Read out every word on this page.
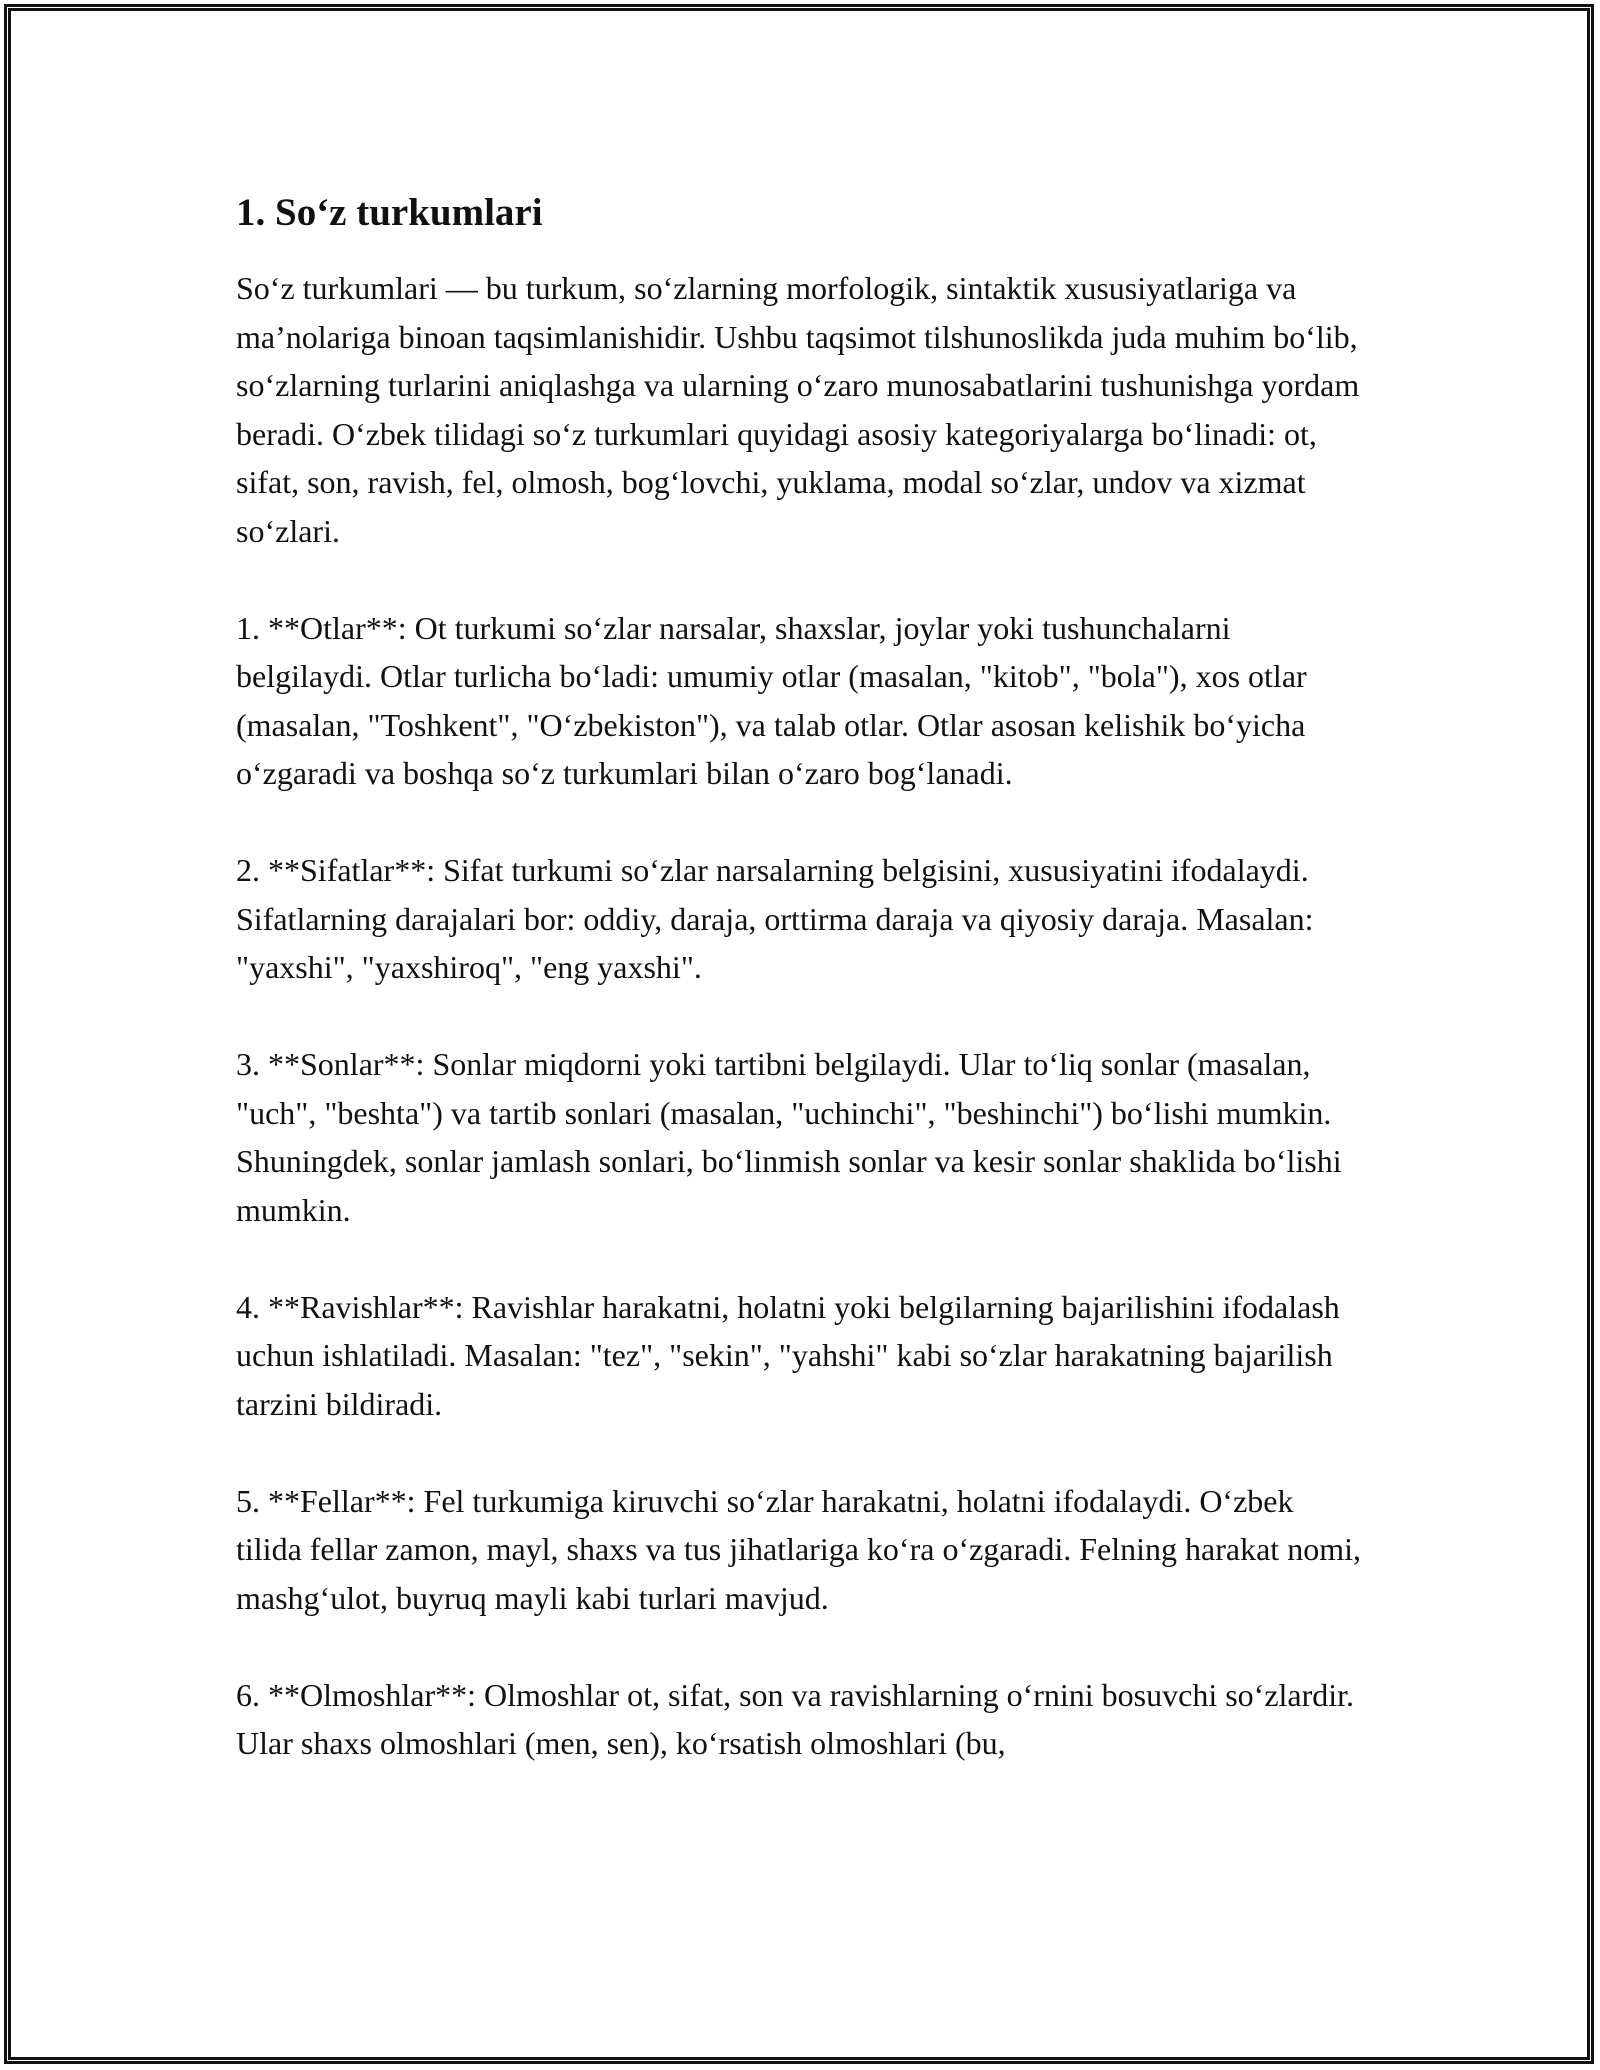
1. So‘z turkumlari

So‘z turkumlari — bu turkum, so‘zlarning morfologik, sintaktik xususiyatlariga va ma’nolariga binoan taqsimlanishidir. Ushbu taqsimot tilshunoslikda juda muhim bo‘lib, so‘zlarning turlarini aniqlashga va ularning o‘zaro munosabatlarini tushunishga yordam beradi. O‘zbek tilidagi so‘z turkumlari quyidagi asosiy kategoriyalarga bo‘linadi: ot, sifat, son, ravish, fel, olmosh, bog‘lovchi, yuklama, modal so‘zlar, undov va xizmat so‘zlari.

1. **Otlar**: Ot turkumi so‘zlar narsalar, shaxslar, joylar yoki tushunchalarni belgilaydi. Otlar turlicha bo‘ladi: umumiy otlar (masalan, "kitob", "bola"), xos otlar (masalan, "Toshkent", "O‘zbekiston"), va talab otlar. Otlar asosan kelishik bo‘yicha o‘zgaradi va boshqa so‘z turkumlari bilan o‘zaro bog‘lanadi.

2. **Sifatlar**: Sifat turkumi so‘zlar narsalarning belgisini, xususiyatini ifodalaydi. Sifatlarning darajalari bor: oddiy, daraja, orttirma daraja va qiyosiy daraja. Masalan: "yaxshi", "yaxshiroq", "eng yaxshi".

3. **Sonlar**: Sonlar miqdorni yoki tartibni belgilaydi. Ular to‘liq sonlar (masalan, "uch", "beshta") va tartib sonlari (masalan, "uchinchi", "beshinchi") bo‘lishi mumkin. Shuningdek, sonlar jamlash sonlari, bo‘linmish sonlar va kesir sonlar shaklida bo‘lishi mumkin.

4. **Ravishlar**: Ravishlar harakatni, holatni yoki belgilarning bajarilishini ifodalash uchun ishlatiladi. Masalan: "tez", "sekin", "yahshi" kabi so‘zlar harakatning bajarilish tarzini bildiradi.

5. **Fellar**: Fel turkumiga kiruvchi so‘zlar harakatni, holatni ifodalaydi. O‘zbek tilida fellar zamon, mayl, shaxs va tus jihatlariga ko‘ra o‘zgaradi. Felning harakat nomi, mashg‘ulot, buyruq mayli kabi turlari mavjud.

6. **Olmoshlar**: Olmoshlar ot, sifat, son va ravishlarning o‘rnini bosuvchi so‘zlardir. Ular shaxs olmoshlari (men, sen), ko‘rsatish olmoshlari (bu,
